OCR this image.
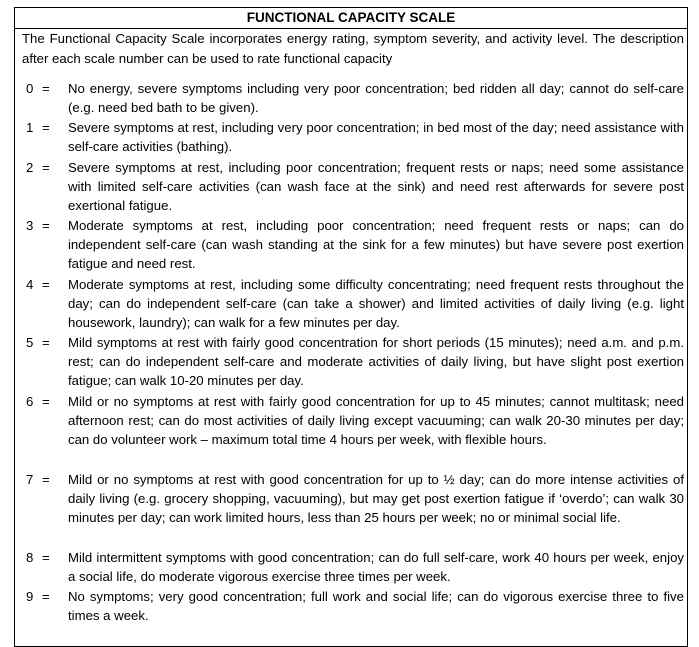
FUNCTIONAL CAPACITY SCALE
The Functional Capacity Scale incorporates energy rating, symptom severity, and activity level. The description after each scale number can be used to rate functional capacity
0 =	No energy, severe symptoms including very poor concentration; bed ridden all day; cannot do self-care (e.g. need bed bath to be given).
1 =	Severe symptoms at rest, including very poor concentration; in bed most of the day; need assistance with self-care activities (bathing).
2 =	Severe symptoms at rest, including poor concentration; frequent rests or naps; need some assistance with limited self-care activities (can wash face at the sink) and need rest afterwards for severe post exertional fatigue.
3 =	Moderate symptoms at rest, including poor concentration; need frequent rests or naps; can do independent self-care (can wash standing at the sink for a few minutes) but have severe post exertion fatigue and need rest.
4 =	Moderate symptoms at rest, including some difficulty concentrating; need frequent rests throughout the day; can do independent self-care (can take a shower) and limited activities of daily living (e.g. light housework, laundry); can walk for a few minutes per day.
5 =	Mild symptoms at rest with fairly good concentration for short periods (15 minutes); need a.m. and p.m. rest; can do independent self-care and moderate activities of daily living, but have slight post exertion fatigue; can walk 10-20 minutes per day.
6 =	Mild or no symptoms at rest with fairly good concentration for up to 45 minutes; cannot multitask; need afternoon rest; can do most activities of daily living except vacuuming; can walk 20-30 minutes per day; can do volunteer work – maximum total time 4 hours per week, with flexible hours.
7 =	Mild or no symptoms at rest with good concentration for up to ½ day; can do more intense activities of daily living (e.g. grocery shopping, vacuuming), but may get post exertion fatigue if ‘overdo’; can walk 30 minutes per day; can work limited hours, less than 25 hours per week; no or minimal social life.
8 =	Mild intermittent symptoms with good concentration; can do full self-care, work 40 hours per week, enjoy a social life, do moderate vigorous exercise three times per week.
9 =	No symptoms; very good concentration; full work and social life; can do vigorous exercise three to five times a week.
